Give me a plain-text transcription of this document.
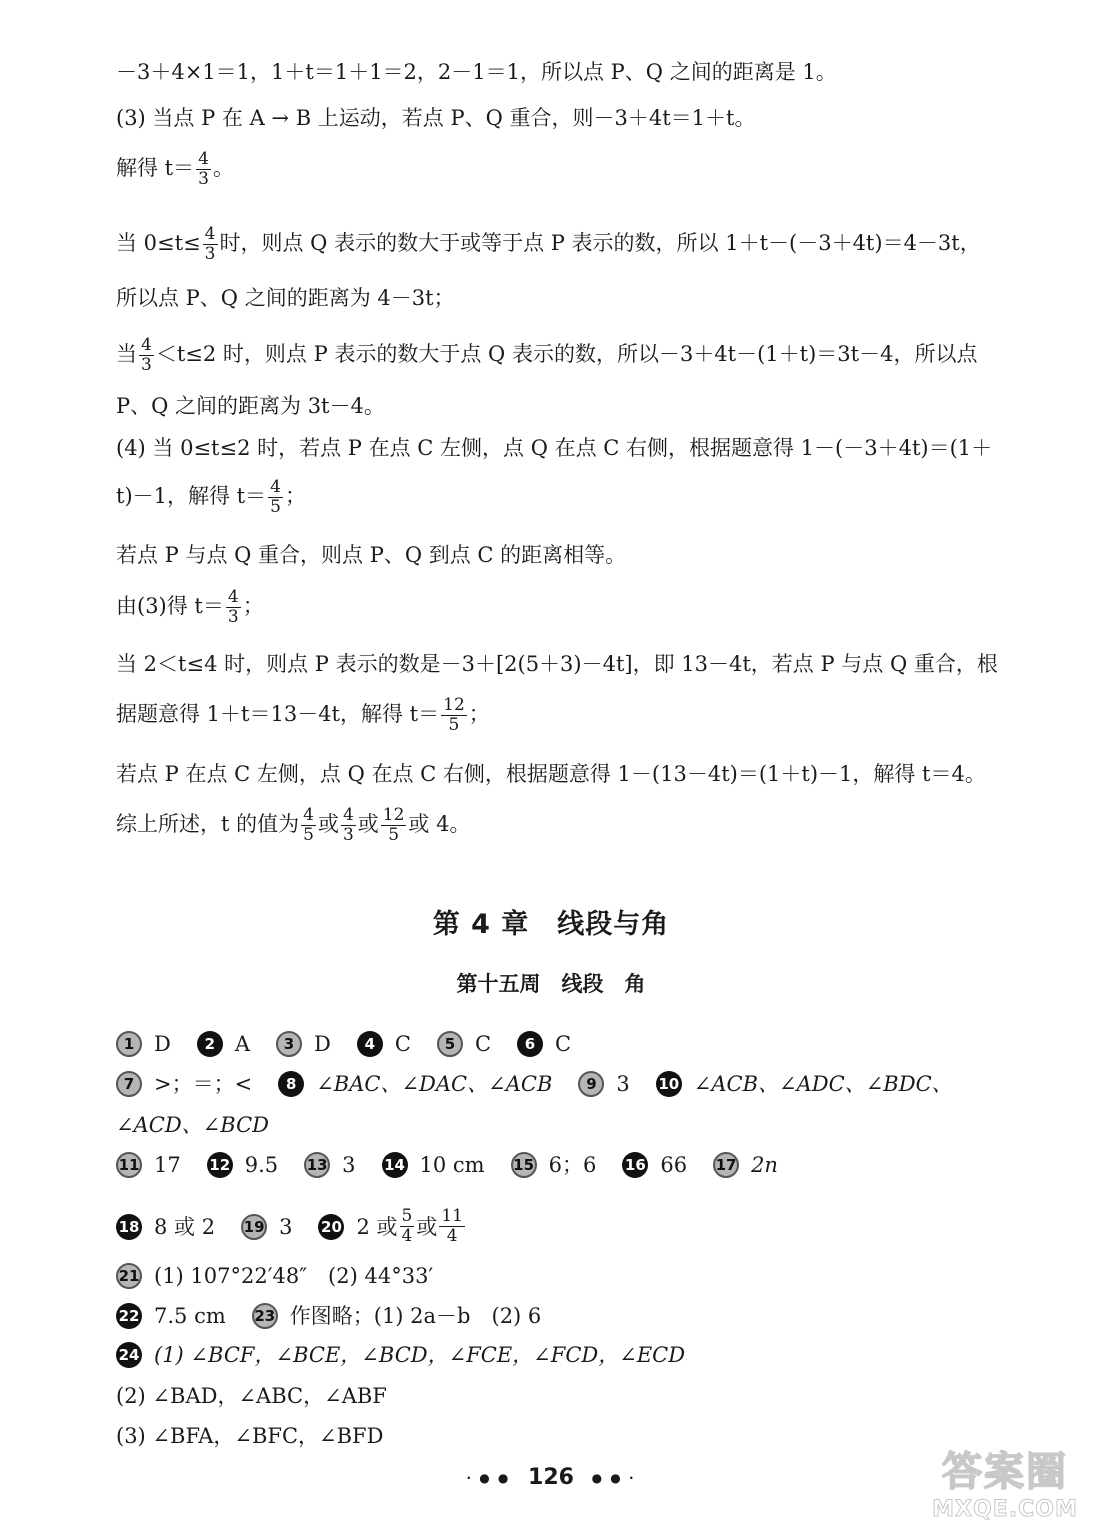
－3＋4×1＝1，1＋t＝1＋1＝2，2－1＝1，所以点 P、Q 之间的距离是 1。
(3) 当点 P 在 A → B 上运动，若点 P、Q 重合，则－3＋4t＝1＋t。
解得 $t= \frac{4}{3}$ 。
当 $0\le t\le \frac{4}{3}$ 时，则点 Q 表示的数大于或等于点 P 表示的数，所以 1＋t－(－3＋4t)＝4－3t，
所以点 P、Q 之间的距离为 4－3t；
当 $\frac{4}{3} <t\le 2$ 时，则点 P 表示的数大于点 Q 表示的数，所以－3＋4t－(1＋t)＝3t－4，所以点
P、Q 之间的距离为 3t－4。
(4) 当 0≤t≤2 时，若点 P 在点 C 左侧，点 Q 在点 C 右侧，根据题意得 1－(－3＋4t)＝(1＋
t)－1，解得 $t= \frac{4}{5}$ ；
若点 P 与点 Q 重合，则点 P、Q 到点 C 的距离相等。
由(3)得 $t= \frac{4}{3}$ ；
当 2＜t≤4 时，则点 P 表示的数是－3＋[2(5＋3)－4t]，即 13－4t，若点 P 与点 Q 重合，根
据题意得 1＋t＝13－4t，解得 $t= \frac{12}{5}$ ；
若点 P 在点 C 左侧，点 Q 在点 C 右侧，根据题意得 1－(13－4t)＝(1＋t)－1，解得 t＝4。
综上所述，t 的值为 $\frac{4}{5}$ 或 $\frac{4}{3}$ 或 $\frac{12}{5}$ 或 4。
第 4 章　线段与角
第十五周　线段　角
1 D	2 A	3 D	4 C	5 C	6 C
7 >；＝；<	8 ∠BAC、∠DAC、∠ACB	9 3 10 ∠ACB、∠ADC、∠BDC、
∠ACD、∠BCD
11 17 12 9.5 13 3 14 10 cm 15 6；6 16 66 17 2n
18 8 或 2 19 3 20 2 或 $\frac{5}{4}$ 或 $\frac{11}{4}$
21 (1) 107°22′48″　(2) 44°33′
22 7.5 cm 23 作图略；(1) 2a－b　(2) 6
24 (1) ∠BCF，∠BCE，∠BCD，∠FCE，∠FCD，∠ECD
(2) ∠BAD，∠ABC，∠ABF
(3) ∠BFA，∠BFC，∠BFD
· ● ● 126 ● ● ·	答案圈
MXQE.COM
